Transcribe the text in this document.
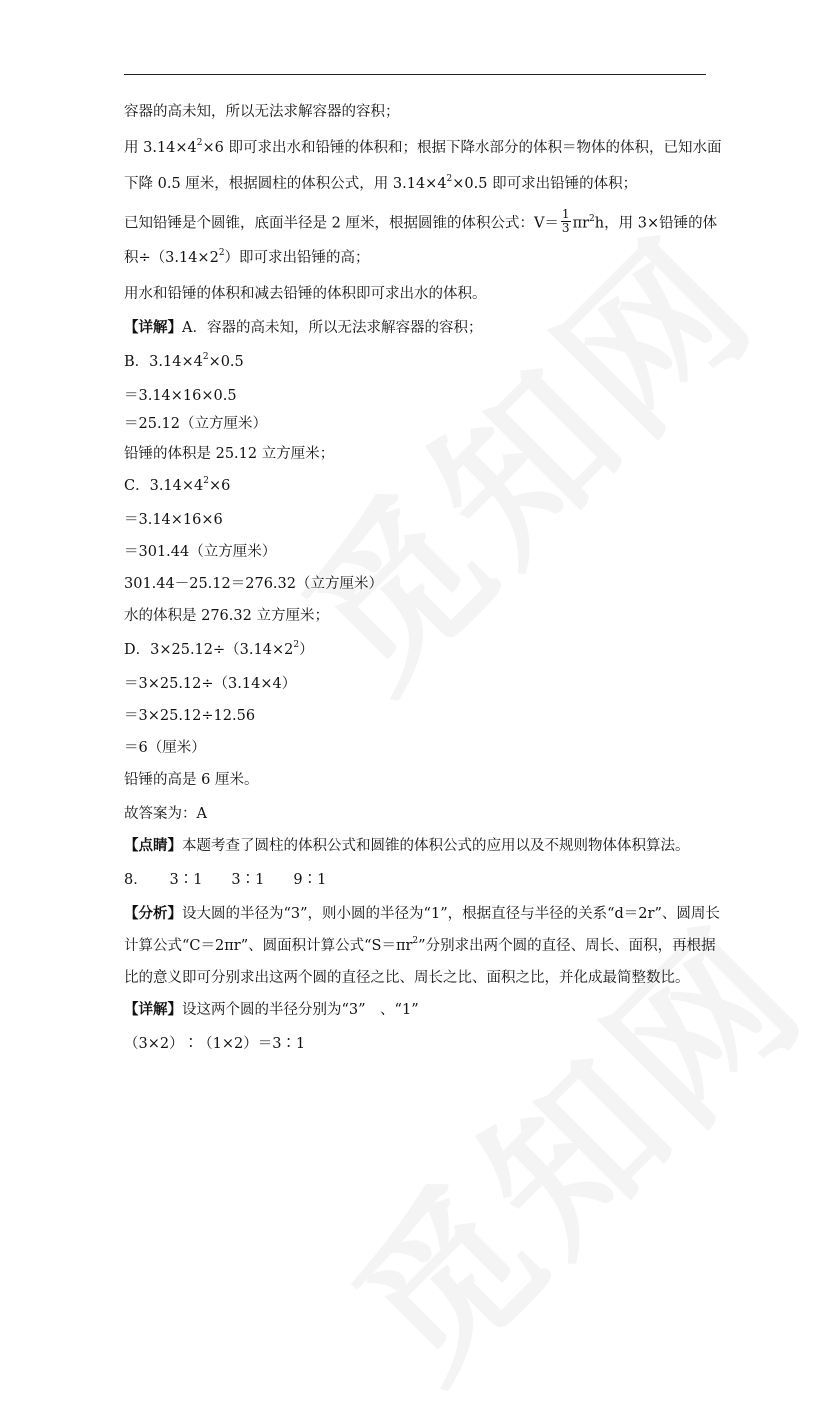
容器的高未知，所以无法求解容器的容积；
用 $3.14\times 4^2\times 6$ 即可求出水和铅锤的体积和；根据下降水部分的体积＝物体的体积，已知水面
下降 0.5 厘米，根据圆柱的体积公式，用 $3.14\times 4^2\times 0.5$ 即可求出铅锤的体积；
已知铅锤是个圆锥，底面半径是 2 厘米，根据圆锥的体积公式：$V= \frac{1}{3} \pi r^2h$，用 3×铅锤的体
积$\div(3.14\times 2^2)$即可求出铅锤的高；
用水和铅锤的体积和减去铅锤的体积即可求出水的体积。
【详解】A．容器的高未知，所以无法求解容器的容积；
B．$3.14\times 4^2\times 0.5$
＝3.14×16×0.5
＝25.12（立方厘米）
铅锤的体积是 25.12 立方厘米；
C．$3.14\times 4^2\times 6$
＝3.14×16×6
＝301.44（立方厘米）
301.44－25.12＝276.32（立方厘米）
水的体积是 276.32 立方厘米；
D．$3\times 25.12\div(3.14\times 2^2)$
＝3×25.12÷（3.14×4）
＝3×25.12÷12.56
＝6（厘米）
铅锤的高是 6 厘米。
故答案为：A
【点睛】本题考查了圆柱的体积公式和圆锥的体积公式的应用以及不规则物体体积算法。
8．　　3∶1　　3∶1　　9∶1
【分析】设大圆的半径为“3”，则小圆的半径为“1”，根据直径与半径的关系“d＝2r”、圆周长
计算公式“C＝2πr”、圆面积计算公式“$S=\pi r^2$”分别求出两个圆的直径、周长、面积，再根据
比的意义即可分别求出这两个圆的直径之比、周长之比、面积之比，并化成最简整数比。
【详解】设这两个圆的半径分别为“3”　、“1”
（3×2）∶（1×2）＝3∶1
